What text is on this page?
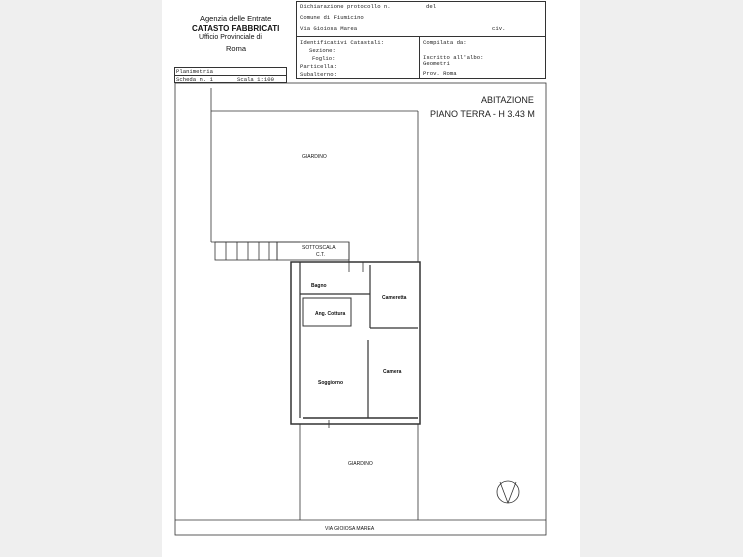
Agenzia delle Entrate
CATASTO FABBRICATI
Ufficio Provinciale di
Roma
Planimetria
Scheda n. 1	Scala 1:100
Dichiarazione protocollo n.	del
Comune di Fiumicino
Via Gioiosa Marea	civ.
Identificativi Catastali:
Sezione:
Foglio:
Particella:
Subalterno:
Compilata da:
Iscritto all'albo:
Geometri
Prov. Roma
ABITAZIONE
PIANO TERRA - H 3.43 M
GIARDINO
SOTTOSCALA
C.T.
Bagno
Cameretta
Ang. Cottura
Soggiorno
Camera
GIARDINO
VIA GIOIOSA MAREA
